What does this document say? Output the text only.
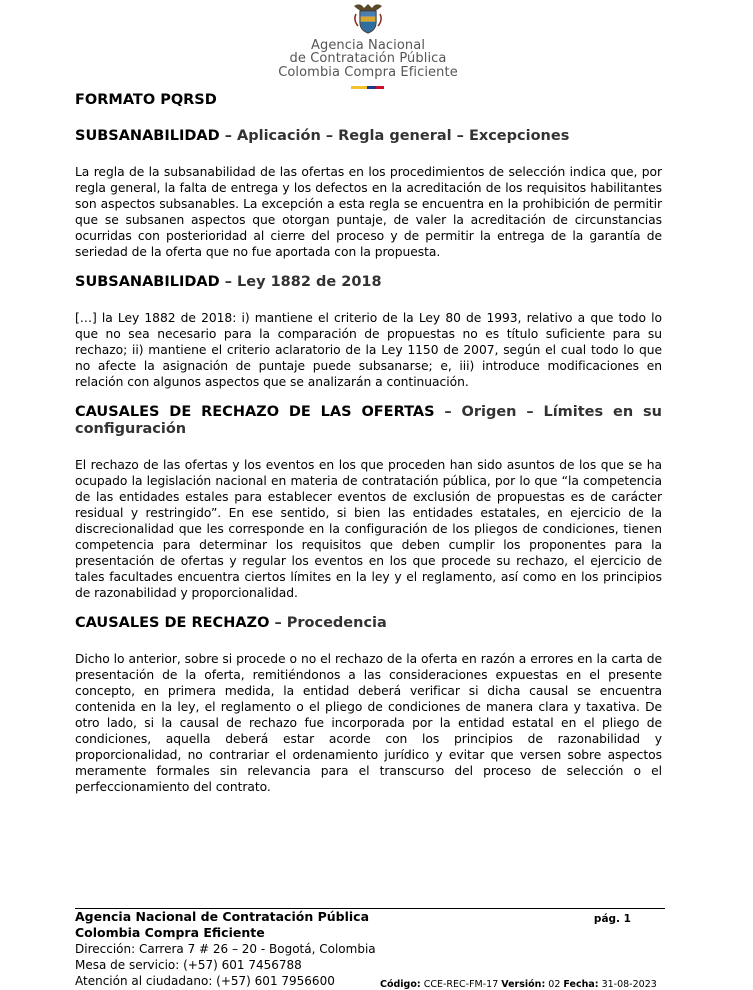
Agencia Nacional
de Contratación Pública
Colombia Compra Eficiente
FORMATO PQRSD
SUBSANABILIDAD – Aplicación – Regla general – Excepciones

La regla de la subsanabilidad de las ofertas en los procedimientos de selección indica que, por regla general, la falta de entrega y los defectos en la acreditación de los requisitos habilitantes son aspectos subsanables. La excepción a esta regla se encuentra en la prohibición de permitir que se subsanen aspectos que otorgan puntaje, de valer la acreditación de circunstancias ocurridas con posterioridad al cierre del proceso y de permitir la entrega de la garantía de seriedad de la oferta que no fue aportada con la propuesta.

SUBSANABILIDAD – Ley 1882 de 2018

[…] la Ley 1882 de 2018: i) mantiene el criterio de la Ley 80 de 1993, relativo a que todo lo que no sea necesario para la comparación de propuestas no es título suficiente para su rechazo; ii) mantiene el criterio aclaratorio de la Ley 1150 de 2007, según el cual todo lo que no afecte la asignación de puntaje puede subsanarse; e, iii) introduce modificaciones en relación con algunos aspectos que se analizarán a continuación.

CAUSALES DE RECHAZO DE LAS OFERTAS – Origen – Límites en su configuración

El rechazo de las ofertas y los eventos en los que proceden han sido asuntos de los que se ha ocupado la legislación nacional en materia de contratación pública, por lo que “la competencia de las entidades estales para establecer eventos de exclusión de propuestas es de carácter residual y restringido”. En ese sentido, si bien las entidades estatales, en ejercicio de la discrecionalidad que les corresponde en la configuración de los pliegos de condiciones, tienen competencia para determinar los requisitos que deben cumplir los proponentes para la presentación de ofertas y regular los eventos en los que procede su rechazo, el ejercicio de tales facultades encuentra ciertos límites en la ley y el reglamento, así como en los principios de razonabilidad y proporcionalidad.

CAUSALES DE RECHAZO – Procedencia

Dicho lo anterior, sobre si procede o no el rechazo de la oferta en razón a errores en la carta de presentación de la oferta, remitiéndonos a las consideraciones expuestas en el presente concepto, en primera medida, la entidad deberá verificar si dicha causal se encuentra contenida en la ley, el reglamento o el pliego de condiciones de manera clara y taxativa. De otro lado, si la causal de rechazo fue incorporada por la entidad estatal en el pliego de condiciones, aquella deberá estar acorde con los principios de razonabilidad y proporcionalidad, no contrariar el ordenamiento jurídico y evitar que versen sobre aspectos meramente formales sin relevancia para el transcurso del proceso de selección o el perfeccionamiento del contrato.

Agencia Nacional de Contratación Pública
Colombia Compra Eficiente
Dirección: Carrera 7 # 26 – 20 - Bogotá, Colombia
Mesa de servicio: (+57) 601 7456788
Atención al ciudadano: (+57) 601 7956600
pág. 1
Código: CCE-REC-FM-17 Versión: 02 Fecha: 31-08-2023
